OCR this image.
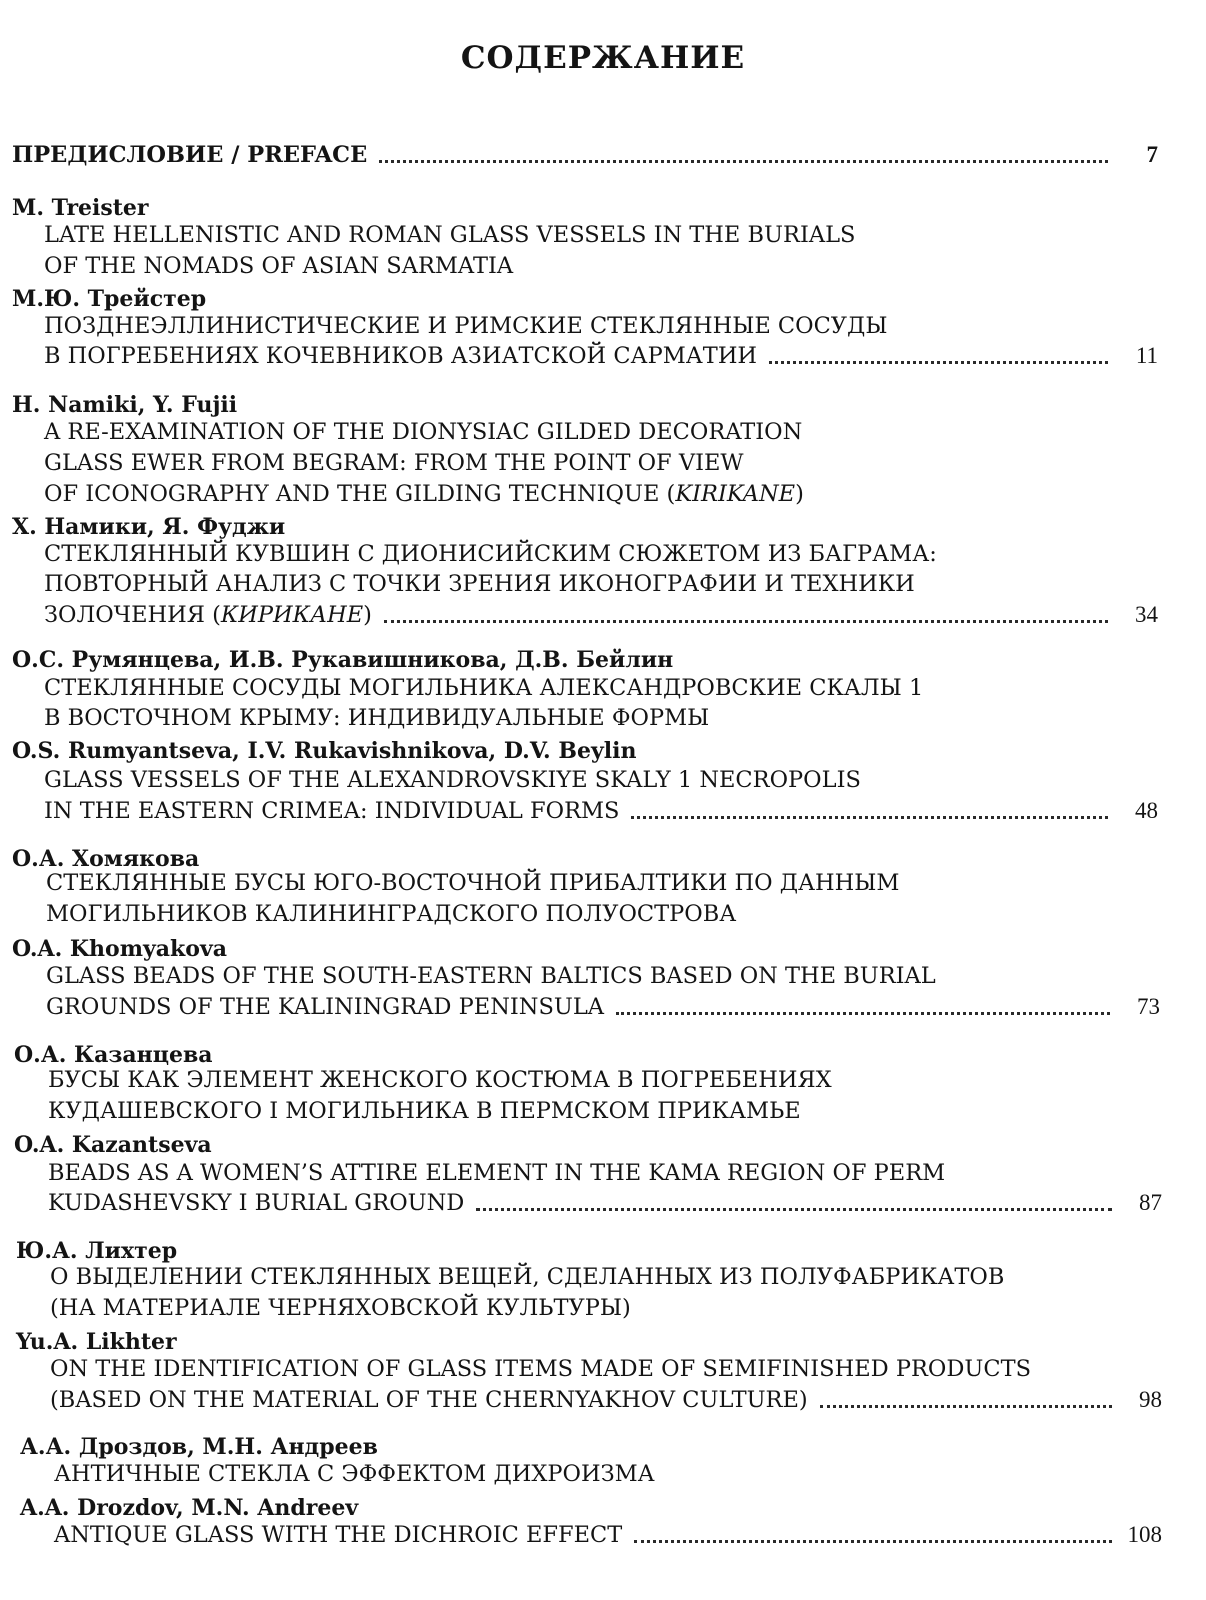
СОДЕРЖАНИЕ
ПРЕДИСЛОВИЕ / PREFACE	7
M. Treister
LATE HELLENISTIC AND ROMAN GLASS VESSELS IN THE BURIALS
OF THE NOMADS OF ASIAN SARMATIA
М.Ю. Трейстер
ПОЗДНЕЭЛЛИНИСТИЧЕСКИЕ И РИМСКИЕ СТЕКЛЯННЫЕ СОСУДЫ
В ПОГРЕБЕНИЯХ КОЧЕВНИКОВ АЗИАТСКОЙ САРМАТИИ	11
H. Namiki, Y. Fujii
A RE-EXAMINATION OF THE DIONYSIAC GILDED DECORATION
GLASS EWER FROM BEGRAM: FROM THE POINT OF VIEW
OF ICONOGRAPHY AND THE GILDING TECHNIQUE (KIRIKANE)
Х. Намики, Я. Фуджи
СТЕКЛЯННЫЙ КУВШИН С ДИОНИСИЙСКИМ СЮЖЕТОМ ИЗ БАГРАМА:
ПОВТОРНЫЙ АНАЛИЗ С ТОЧКИ ЗРЕНИЯ ИКОНОГРАФИИ И ТЕХНИКИ
ЗОЛОЧЕНИЯ (КИРИКАНЕ)	34
О.С. Румянцева, И.В. Рукавишникова, Д.В. Бейлин
СТЕКЛЯННЫЕ СОСУДЫ МОГИЛЬНИКА АЛЕКСАНДРОВСКИЕ СКАЛЫ 1
В ВОСТОЧНОМ КРЫМУ: ИНДИВИДУАЛЬНЫЕ ФОРМЫ
O.S. Rumyantseva, I.V. Rukavishnikova, D.V. Beylin
GLASS VESSELS OF THE ALEXANDROVSKIYE SKALY 1 NECROPOLIS
IN THE EASTERN CRIMEA: INDIVIDUAL FORMS	48
О.А. Хомякова
СТЕКЛЯННЫЕ БУСЫ ЮГО-ВОСТОЧНОЙ ПРИБАЛТИКИ ПО ДАННЫМ
МОГИЛЬНИКОВ КАЛИНИНГРАДСКОГО ПОЛУОСТРОВА
O.A. Khomyakova
GLASS BEADS OF THE SOUTH-EASTERN BALTICS BASED ON THE BURIAL
GROUNDS OF THE KALININGRAD PENINSULA	73
О.А. Казанцева
БУСЫ КАК ЭЛЕМЕНТ ЖЕНСКОГО КОСТЮМА В ПОГРЕБЕНИЯХ
КУДАШЕВСКОГО I МОГИЛЬНИКА В ПЕРМСКОМ ПРИКАМЬЕ
O.A. Kazantseva
BEADS AS A WOMEN’S ATTIRE ELEMENT IN THE KAMA REGION OF PERM
KUDASHEVSKY I BURIAL GROUND	87
Ю.А. Лихтер
О ВЫДЕЛЕНИИ СТЕКЛЯННЫХ ВЕЩЕЙ, СДЕЛАННЫХ ИЗ ПОЛУФАБРИКАТОВ
(НА МАТЕРИАЛЕ ЧЕРНЯХОВСКОЙ КУЛЬТУРЫ)
Yu.A. Likhter
ON THE IDENTIFICATION OF GLASS ITEMS MADE OF SEMIFINISHED PRODUCTS
(BASED ON THE MATERIAL OF THE CHERNYAKHOV CULTURE)	98
А.А. Дроздов, М.Н. Андреев
АНТИЧНЫЕ СТЕКЛА С ЭФФЕКТОМ ДИХРОИЗМА
A.A. Drozdov, M.N. Andreev
ANTIQUE GLASS WITH THE DICHROIC EFFECT	108
